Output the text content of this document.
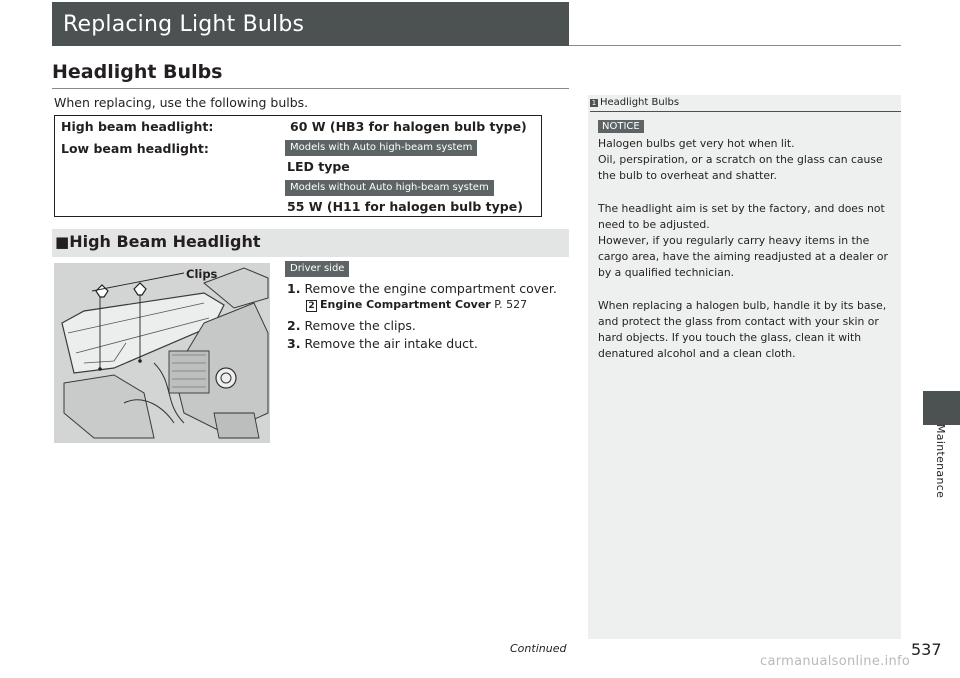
Replacing Light Bulbs
Headlight Bulbs
When replacing, use the following bulbs.
High beam headlight:	60 W (HB3 for halogen bulb type)
Low beam headlight:	Models with Auto high-beam system
LED type
Models without Auto high-beam system
55 W (H11 for halogen bulb type)
■High Beam Headlight
Clips	Driver side
1. Remove the engine compartment cover.
2 Engine Compartment Cover P. 527
2. Remove the clips.
3. Remove the air intake duct.
1 Headlight Bulbs
NOTICE
Halogen bulbs get very hot when lit.
Oil, perspiration, or a scratch on the glass can cause
the bulb to overheat and shatter.
The headlight aim is set by the factory, and does not
need to be adjusted.
However, if you regularly carry heavy items in the
cargo area, have the aiming readjusted at a dealer or
by a qualified technician.
When replacing a halogen bulb, handle it by its base,
and protect the glass from contact with your skin or
hard objects. If you touch the glass, clean it with
denatured alcohol and a clean cloth.
Maintenance
Continued	537
carmanualsonline.info
